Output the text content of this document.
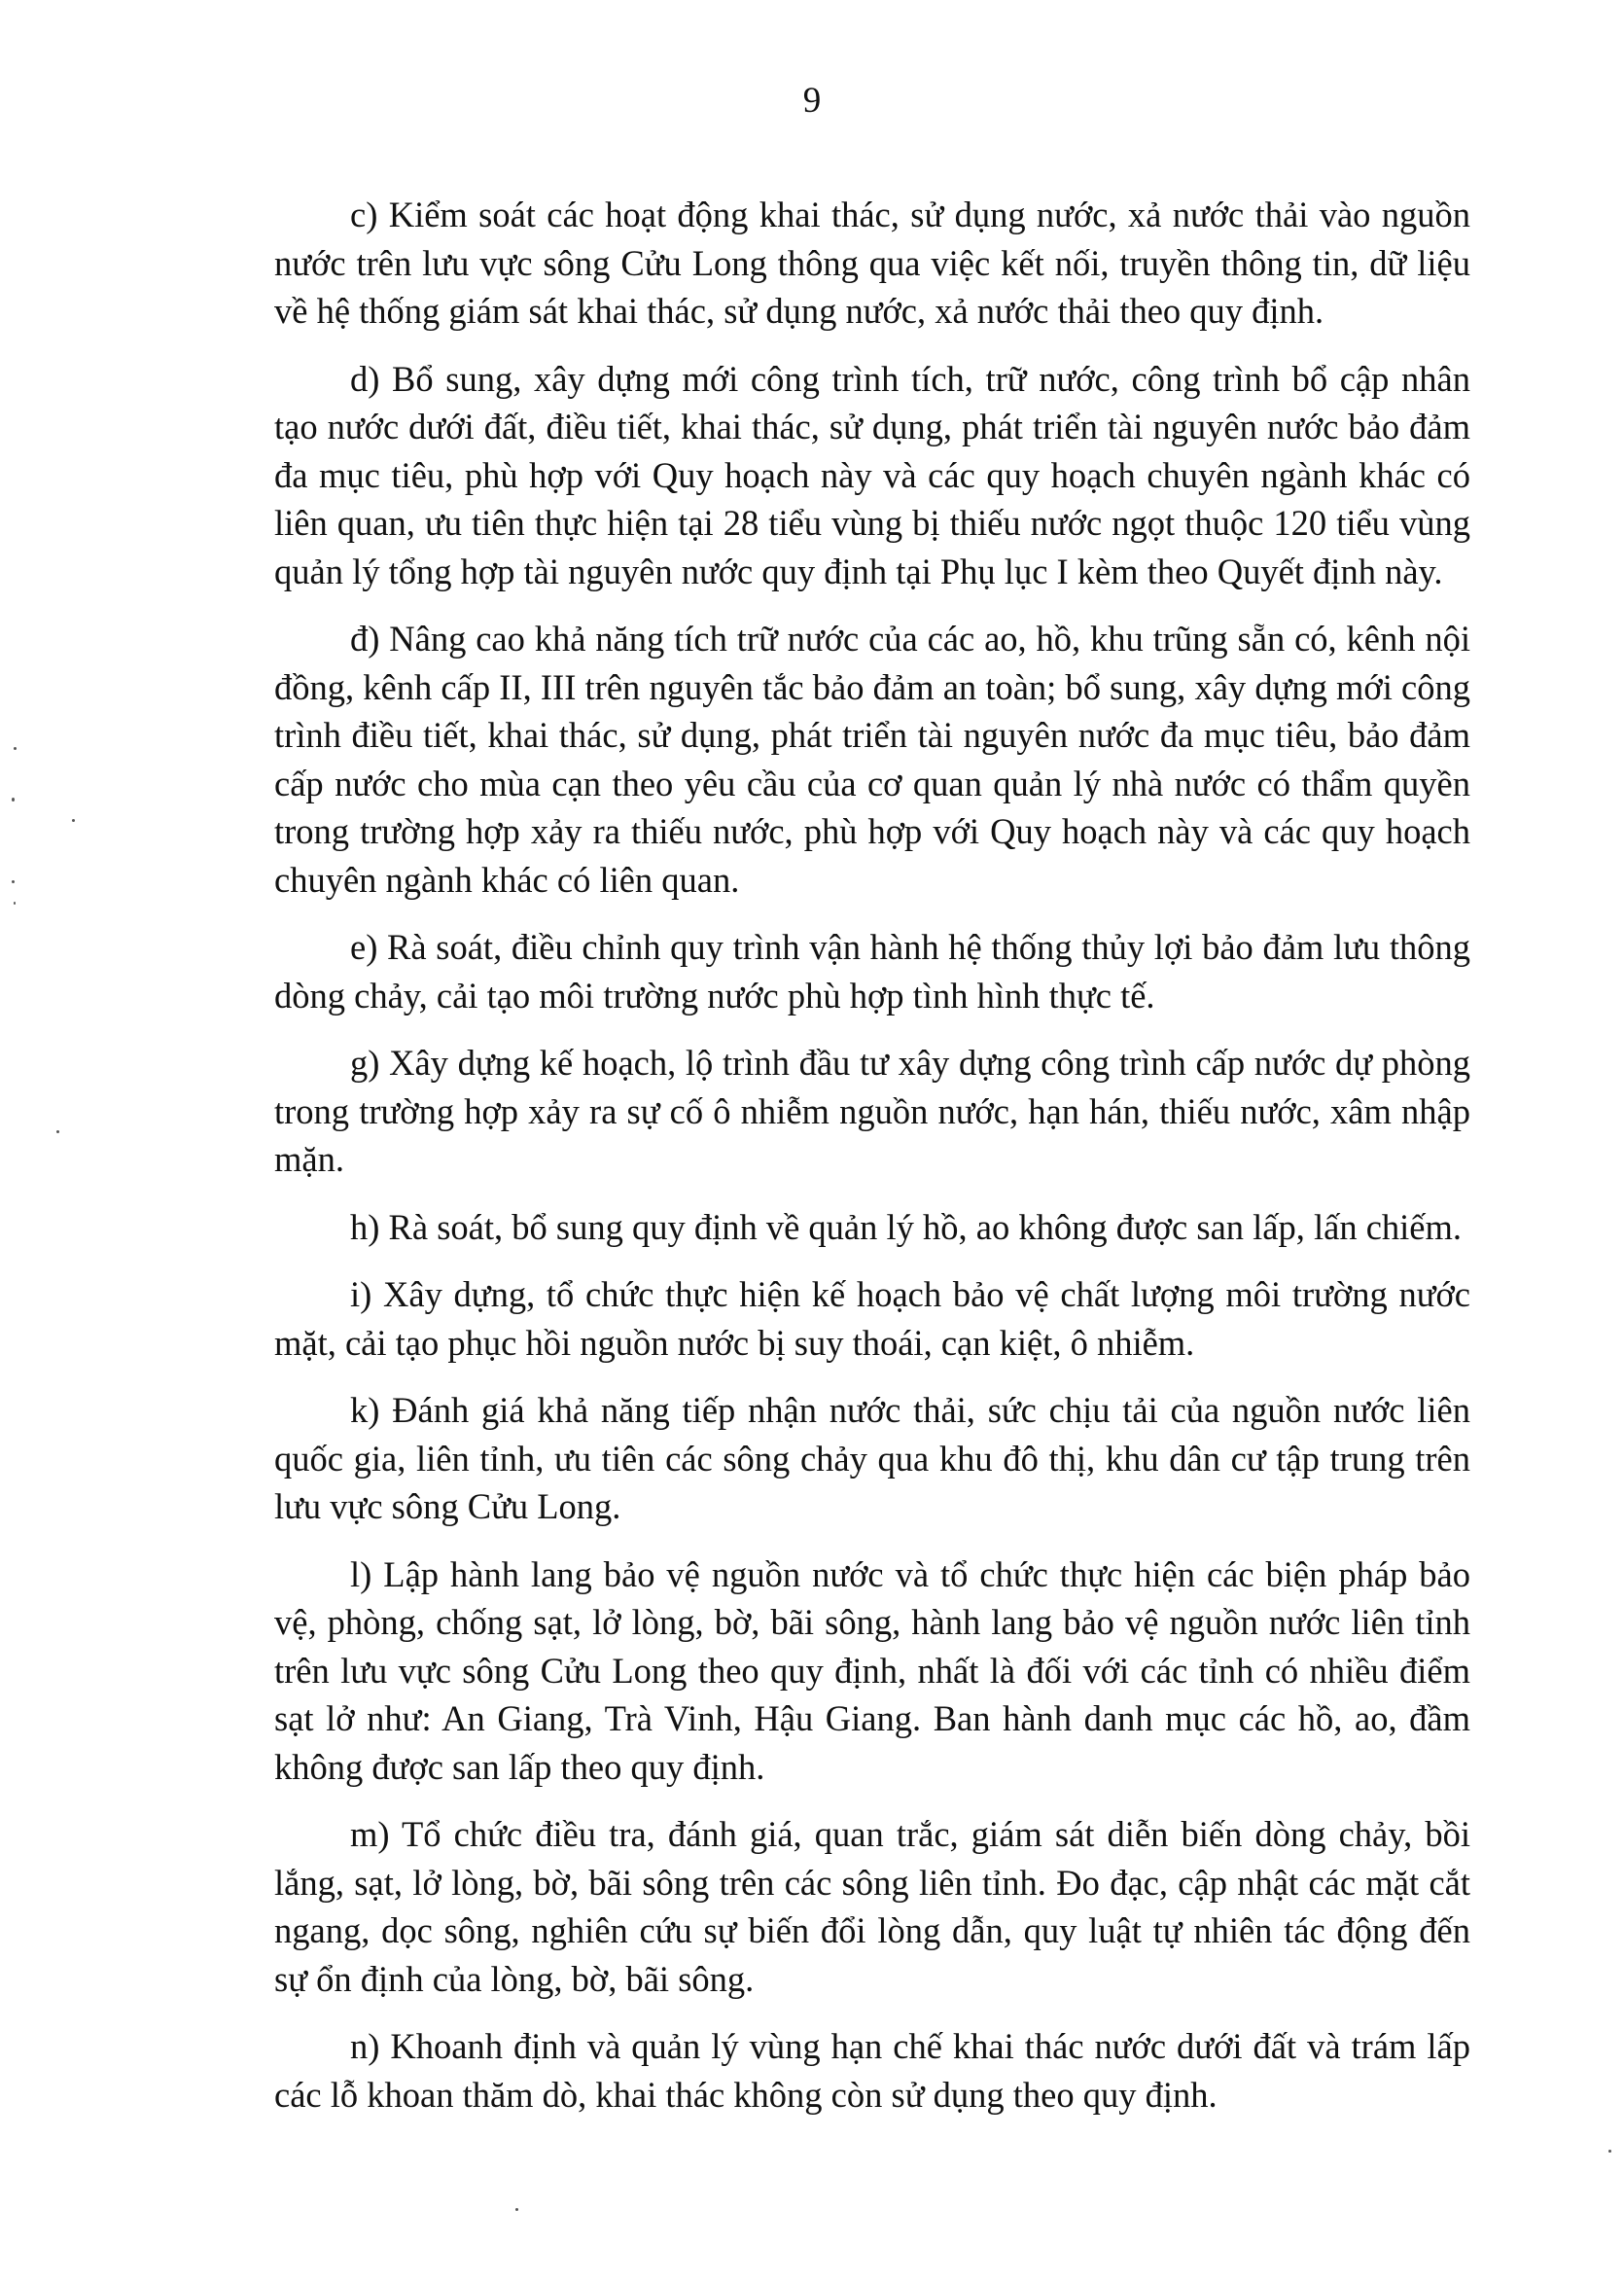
9

c) Kiểm soát các hoạt động khai thác, sử dụng nước, xả nước thải vào nguồn nước trên lưu vực sông Cửu Long thông qua việc kết nối, truyền thông tin, dữ liệu về hệ thống giám sát khai thác, sử dụng nước, xả nước thải theo quy định.

d) Bổ sung, xây dựng mới công trình tích, trữ nước, công trình bổ cập nhân tạo nước dưới đất, điều tiết, khai thác, sử dụng, phát triển tài nguyên nước bảo đảm đa mục tiêu, phù hợp với Quy hoạch này và các quy hoạch chuyên ngành khác có liên quan, ưu tiên thực hiện tại 28 tiểu vùng bị thiếu nước ngọt thuộc 120 tiểu vùng quản lý tổng hợp tài nguyên nước quy định tại Phụ lục I kèm theo Quyết định này.

đ) Nâng cao khả năng tích trữ nước của các ao, hồ, khu trũng sẵn có, kênh nội đồng, kênh cấp II, III trên nguyên tắc bảo đảm an toàn; bổ sung, xây dựng mới công trình điều tiết, khai thác, sử dụng, phát triển tài nguyên nước đa mục tiêu, bảo đảm cấp nước cho mùa cạn theo yêu cầu của cơ quan quản lý nhà nước có thẩm quyền trong trường hợp xảy ra thiếu nước, phù hợp với Quy hoạch này và các quy hoạch chuyên ngành khác có liên quan.

e) Rà soát, điều chỉnh quy trình vận hành hệ thống thủy lợi bảo đảm lưu thông dòng chảy, cải tạo môi trường nước phù hợp tình hình thực tế.

g) Xây dựng kế hoạch, lộ trình đầu tư xây dựng công trình cấp nước dự phòng trong trường hợp xảy ra sự cố ô nhiễm nguồn nước, hạn hán, thiếu nước, xâm nhập mặn.

h) Rà soát, bổ sung quy định về quản lý hồ, ao không được san lấp, lấn chiếm.

i) Xây dựng, tổ chức thực hiện kế hoạch bảo vệ chất lượng môi trường nước mặt, cải tạo phục hồi nguồn nước bị suy thoái, cạn kiệt, ô nhiễm.

k) Đánh giá khả năng tiếp nhận nước thải, sức chịu tải của nguồn nước liên quốc gia, liên tỉnh, ưu tiên các sông chảy qua khu đô thị, khu dân cư tập trung trên lưu vực sông Cửu Long.

l) Lập hành lang bảo vệ nguồn nước và tổ chức thực hiện các biện pháp bảo vệ, phòng, chống sạt, lở lòng, bờ, bãi sông, hành lang bảo vệ nguồn nước liên tỉnh trên lưu vực sông Cửu Long theo quy định, nhất là đối với các tỉnh có nhiều điểm sạt lở như: An Giang, Trà Vinh, Hậu Giang. Ban hành danh mục các hồ, ao, đầm không được san lấp theo quy định.

m) Tổ chức điều tra, đánh giá, quan trắc, giám sát diễn biến dòng chảy, bồi lắng, sạt, lở lòng, bờ, bãi sông trên các sông liên tỉnh. Đo đạc, cập nhật các mặt cắt ngang, dọc sông, nghiên cứu sự biến đổi lòng dẫn, quy luật tự nhiên tác động đến sự ổn định của lòng, bờ, bãi sông.

n) Khoanh định và quản lý vùng hạn chế khai thác nước dưới đất và trám lấp các lỗ khoan thăm dò, khai thác không còn sử dụng theo quy định.
